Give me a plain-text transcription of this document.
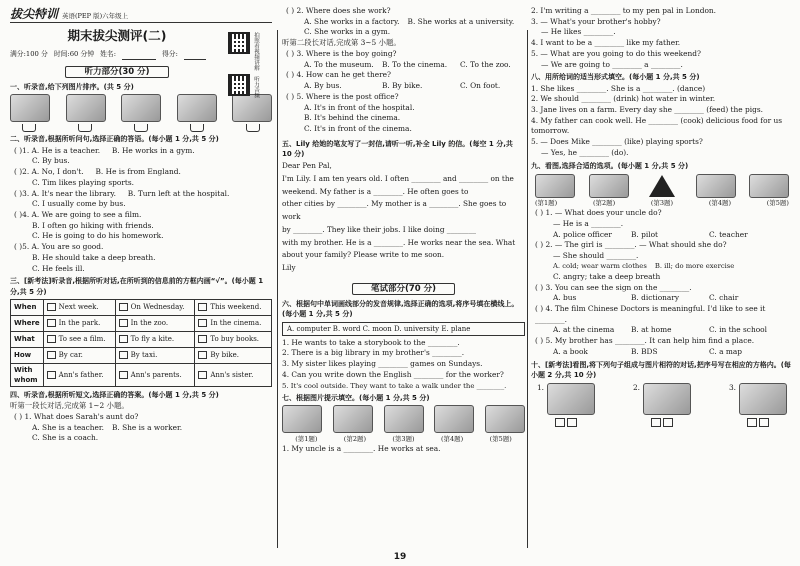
拔尖特训 英语(PEP 版)六年级上
期末拔尖测评(二)	拍照看视频讲解
听力音频
满分:100 分 时间:60 分钟 姓名:	得分:
听力部分(30 分)
一、听录音,给下列图片排序。(共 5 分)
二、听录音,根据所听问句,选择正确的答语。(每小题 1 分,共 5 分)
( )1. A. He is a teacher. B. He works in a gym.
C. By bus.
( )2. A. No, I don't. B. He is from England.
C. Tim likes playing sports.
( )3. A. It's near the library. B. Turn left at the hospital.
C. I usually come by bus.
( )4. A. We are going to see a film.
B. I often go hiking with friends.
C. He is going to do his homework.
( )5. A. You are so good.
B. He should take a deep breath.
C. He feels ill.
三、[新考法]听录音,根据所听对话,在所听到的信息前的方框内画“√”。(每小题 1 分,共 5 分)
When	Next week.	On Wednesday.	This weekend.
Where	In the park.	In the zoo.	In the cinema.
What	To see a film.	To fly a kite.	To buy books.
How	By car.	By taxi.	By bike.
With whom	Ann's father.	Ann's parents.	Ann's sister.
四、听录音,根据所听短文,选择正确的答案。(每小题 1 分,共 5 分)
听第一段长对话,完成第 1~2 小题。
( ) 1. What does Sarah's aunt do?
A. She is a teacher. B. She is a worker.
C. She is a coach.
( ) 2. Where does she work?
A. She works in a factory. B. She works at a university.
C. She works in a gym.
听第二段长对话,完成第 3~5 小题。
( ) 3. Where is the boy going?
A. To the museum. B. To the cinema.	C. To the zoo.
( ) 4. How can he get there?
A. By bus.	B. By bike.	C. On foot.
( ) 5. Where is the post office?
A. It's in front of the hospital.
B. It's behind the cinema.
C. It's in front of the cinema.
五、Lily 给她的笔友写了一封信,请听一听,补全 Lily 的信。(每空 1 分,共 10 分)
Dear Pen Pal,
I'm Lily. I am ten years old. I often ________ and ________ on the weekend. My father is a ________. He often goes to
other cities by ________. My mother is a ________. She goes to work
by ________. They like their jobs. I like doing ________
with my brother. He is a ________. He works near the sea. What
about your family? Please write to me soon.
Lily
笔试部分(70 分)
六、根据句中单词画线部分的发音规律,选择正确的选项,将序号填在横线上。(每小题 1 分,共 5 分)
A. computer B. word C. moon D. university E. plane
1. He wants to take a storybook to the ________.
2. There is a big library in my brother's ________.
3. My sister likes playing ________ games on Sundays.
4. Can you write down the English ________ for the worker?
5. It's cool outside. They want to take a walk under the ________.
七、根据图片提示填空。(每小题 1 分,共 5 分)
(第1题)	(第2题)	(第3题)	(第4题)	(第5题)
1. My uncle is a ________. He works at sea.
2. I'm writing a ________ to my pen pal in London.
3. — What's your brother's hobby?
— He likes ________.
4. I want to be a ________ like my father.
5. — What are you going to do this weekend?
— We are going to ________ a ________.
八、用所给词的适当形式填空。(每小题 1 分,共 5 分)
1. She likes ________. She is a ________. (dance)
2. We should ________ (drink) hot water in winter.
3. Jane lives on a farm. Every day she ________ (feed) the pigs.
4. My father can cook well. He ________ (cook) delicious food for us tomorrow.
5. — Does Mike ________ (like) playing sports?
— Yes, he ________ (do).
九、看图,选择合适的选项。(每小题 1 分,共 5 分)
(第1题)	(第2题)	(第3题)	(第4题)	(第5题)
( ) 1. — What does your uncle do?
— He is a ________.
A. police officer	B. pilot	C. teacher
( ) 2. — The girl is ________. — What should she do?
— She should ________.
A. cold; wear warm clothes B. ill; do more exercise
C. angry; take a deep breath
( ) 3. You can see the sign on the ________.
A. bus	B. dictionary	C. chair
( ) 4. The film Chinese Doctors is meaningful. I'd like to see it ________.
A. at the cinema	B. at home	C. in the school
( ) 5. My brother has ________. It can help him find a place.
A. a book	B. BDS	C. a map
十、[新考法]看图,将下列句子组成与图片相符的对话,把序号写在相应的方格内。(每小题 2 分,共 10 分)
1.	2.	3.
19
